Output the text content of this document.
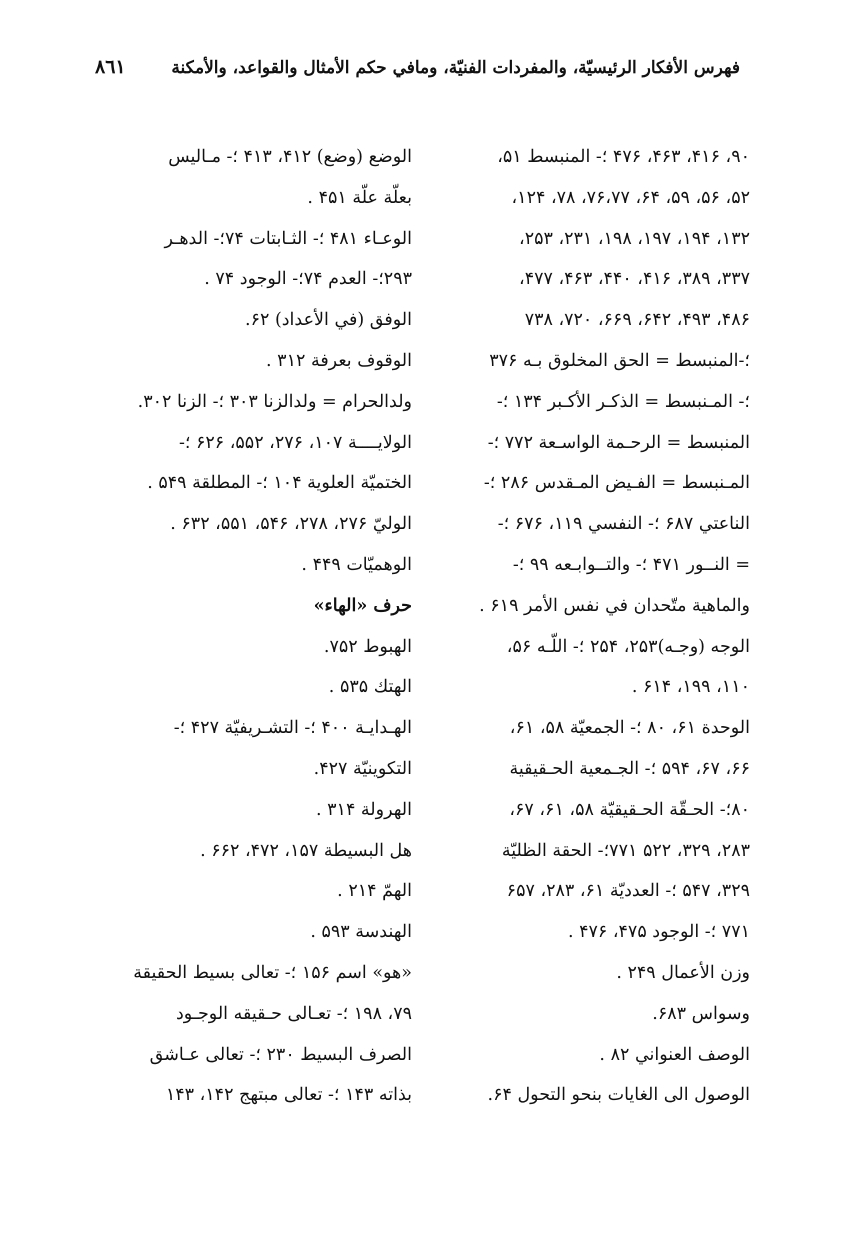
فهرس الأفكار الرئيسيّة، والمفردات الفنيّة، ومافي حكم الأمثال والقواعد، والأمكنة
٨٦١
۹۰، ۴۱۶، ۴۶۳، ۴۷۶ ؛- المنبسط ۵۱،
۵۲، ۵۶، ۵۹، ۶۴، ۷۶،۷۷، ۷۸، ۱۲۴،
۱۳۲، ۱۹۴، ۱۹۷، ۱۹۸، ۲۳۱، ۲۵۳،
۳۳۷، ۳۸۹، ۴۱۶، ۴۴۰، ۴۶۳، ۴۷۷،
۴۸۶، ۴۹۳، ۶۴۲، ۶۶۹، ۷۲۰، ۷۳۸
؛-المنبسط = الحق المخلوق بـه ۳۷۶
؛- المـنبسط = الذكـر الأكـبر ۱۳۴ ؛-
المنبسط = الرحـمة الواسـعة ۷۷۲ ؛-
المـنبسط = الفـيض المـقدس ۲۸۶ ؛-
الناعتي ۶۸۷ ؛- النفسي ۱۱۹، ۶۷۶ ؛-
= النــور ۴۷۱ ؛- والتــوابـعه ۹۹ ؛-
والماهية متّحدان في نفس الأمر ۶۱۹ .
الوجه (وجـه)۲۵۳، ۲۵۴ ؛- اللّـه ۵۶،
۱۱۰، ۱۹۹، ۶۱۴ .
الوحدة ۶۱، ۸۰ ؛- الجمعيّة ۵۸، ۶۱،
۶۶، ۶۷، ۵۹۴ ؛- الجـمعية الحـقيقية
۸۰؛- الحـقّة الحـقيقيّة ۵۸، ۶۱، ۶۷،
۲۸۳، ۳۲۹، ۵۲۲ ۷۷۱؛- الحقة الظليّة
۳۲۹، ۵۴۷ ؛- العدديّة ۶۱، ۲۸۳، ۶۵۷
۷۷۱ ؛- الوجود ۴۷۵، ۴۷۶ .
وزن الأعمال ۲۴۹ .
وسواس ۶۸۳.
الوصف العنواني ۸۲ .
الوصول الى الغايات بنحو التحول ۶۴.
الوضع (وضع) ۴۱۲، ۴۱۳ ؛- مـاليس
بعلّة علّة ۴۵۱ .
الوعـاء ۴۸۱ ؛- الثـابتات ۷۴؛- الدهـر
۲۹۳؛- العدم ۷۴؛- الوجود ۷۴ .
الوفق (في الأعداد) ۶۲.
الوقوف بعرفة ۳۱۲ .
ولدالحرام = ولدالزنا ۳۰۳ ؛- الزنا ۳۰۲.
الولايــــة ۱۰۷، ۲۷۶، ۵۵۲، ۶۲۶ ؛-
الختميّة العلوية ۱۰۴ ؛- المطلقة ۵۴۹ .
الوليّ ۲۷۶، ۲۷۸، ۵۴۶، ۵۵۱، ۶۳۲ .
الوهميّات ۴۴۹ .
حرف «الهاء»
الهبوط ۷۵۲.
الهتك ۵۳۵ .
الهـدايـة ۴۰۰ ؛- التشـريفيّة ۴۲۷ ؛-
التكوينيّة ۴۲۷.
الهرولة ۳۱۴ .
هل البسيطة ۱۵۷، ۴۷۲، ۶۶۲ .
الهمّ ۲۱۴ .
الهندسة ۵۹۳ .
«هو» اسم ۱۵۶ ؛- تعالى بسيط الحقيقة
۷۹، ۱۹۸ ؛- تعـالى حـقيقه الوجـود
الصرف البسيط ۲۳۰ ؛- تعالى عـاشق
بذاته ۱۴۳ ؛- تعالى مبتهج ۱۴۲، ۱۴۳
